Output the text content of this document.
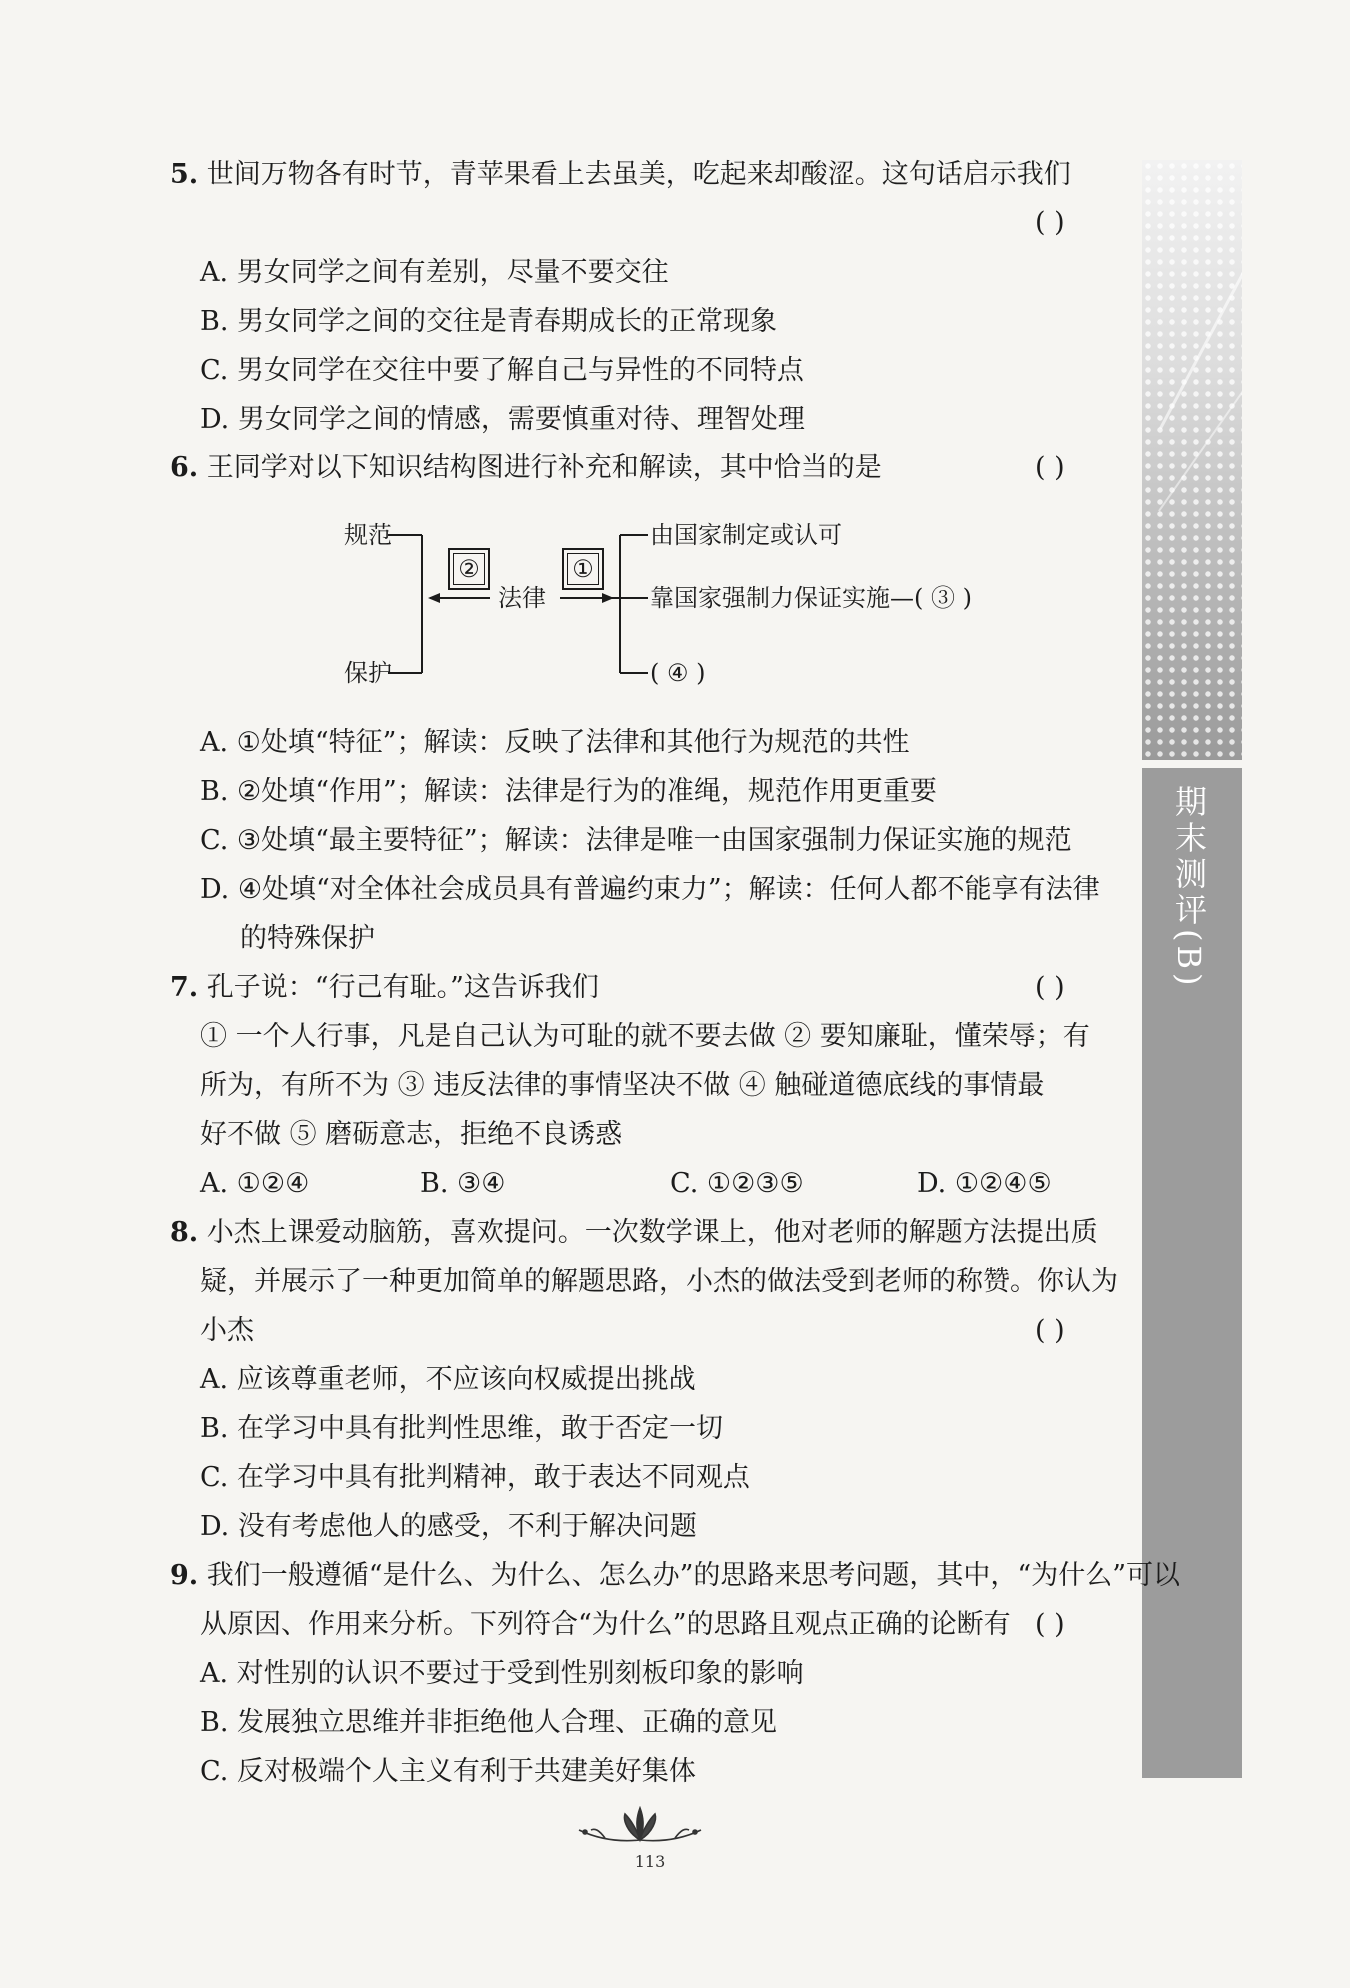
期末测评(B)
5. 世间万物各有时节，青苹果看上去虽美，吃起来却酸涩。这句话启示我们
( )
A. 男女同学之间有差别，尽量不要交往
B. 男女同学之间的交往是青春期成长的正常现象
C. 男女同学在交往中要了解自己与异性的不同特点
D. 男女同学之间的情感，需要慎重对待、理智处理
6. 王同学对以下知识结构图进行补充和解读，其中恰当的是	( )
规范
保护
②	①
法律
由国家制定或认可
靠国家强制力保证实施—( ③ )
( ④ )
A. ①处填“特征”；解读：反映了法律和其他行为规范的共性
B. ②处填“作用”；解读：法律是行为的准绳，规范作用更重要
C. ③处填“最主要特征”；解读：法律是唯一由国家强制力保证实施的规范
D. ④处填“对全体社会成员具有普遍约束力”；解读：任何人都不能享有法律
的特殊保护
7. 孔子说：“行己有耻。”这告诉我们	( )
① 一个人行事，凡是自己认为可耻的就不要去做 ② 要知廉耻，懂荣辱；有
所为，有所不为 ③ 违反法律的事情坚决不做 ④ 触碰道德底线的事情最
好不做 ⑤ 磨砺意志，拒绝不良诱惑
A. ①②④	B. ③④	C. ①②③⑤	D. ①②④⑤
8. 小杰上课爱动脑筋，喜欢提问。一次数学课上，他对老师的解题方法提出质
疑，并展示了一种更加简单的解题思路，小杰的做法受到老师的称赞。你认为
小杰	( )
A. 应该尊重老师，不应该向权威提出挑战
B. 在学习中具有批判性思维，敢于否定一切
C. 在学习中具有批判精神，敢于表达不同观点
D. 没有考虑他人的感受，不利于解决问题
9. 我们一般遵循“是什么、为什么、怎么办”的思路来思考问题，其中，“为什么”可以
从原因、作用来分析。下列符合“为什么”的思路且观点正确的论断有 ( )
A. 对性别的认识不要过于受到性别刻板印象的影响
B. 发展独立思维并非拒绝他人合理、正确的意见
C. 反对极端个人主义有利于共建美好集体
113
